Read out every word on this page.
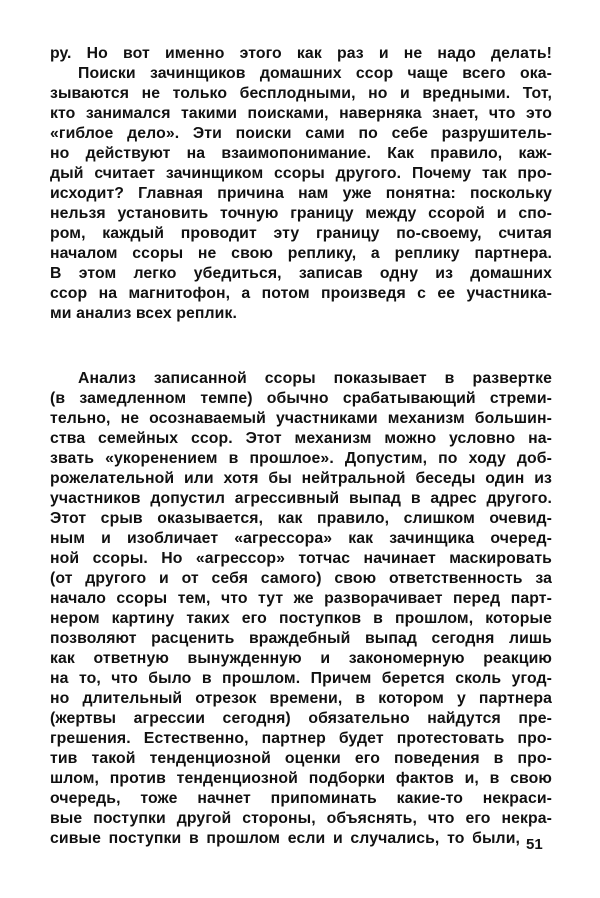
ру. Но вот именно этого как раз и не надо делать!
Поиски зачинщиков домашних ссор чаще всего ока-
зываются не только бесплодными, но и вредными. Тот,
кто занимался такими поисками, наверняка знает, что это
«гиблое дело». Эти поиски сами по себе разрушитель-
но действуют на взаимопонимание. Как правило, каж-
дый считает зачинщиком ссоры другого. Почему так про-
исходит? Главная причина нам уже понятна: поскольку
нельзя установить точную границу между ссорой и спо-
ром, каждый проводит эту границу по-своему, считая
началом ссоры не свою реплику, а реплику партнера.
В этом легко убедиться, записав одну из домашних
ссор на магнитофон, а потом произведя с ее участника-
ми анализ всех реплик.
Анализ записанной ссоры показывает в развертке
(в замедленном темпе) обычно срабатывающий стреми-
тельно, не осознаваемый участниками механизм большин-
ства семейных ссор. Этот механизм можно условно на-
звать «укоренением в прошлое». Допустим, по ходу доб-
рожелательной или хотя бы нейтральной беседы один из
участников допустил агрессивный выпад в адрес другого.
Этот срыв оказывается, как правило, слишком очевид-
ным и изобличает «агрессора» как зачинщика очеред-
ной ссоры. Но «агрессор» тотчас начинает маскировать
(от другого и от себя самого) свою ответственность за
начало ссоры тем, что тут же разворачивает перед парт-
нером картину таких его поступков в прошлом, которые
позволяют расценить враждебный выпад сегодня лишь
как ответную вынужденную и закономерную реакцию
на то, что было в прошлом. Причем берется сколь угод-
но длительный отрезок времени, в котором у партнера
(жертвы агрессии сегодня) обязательно найдутся пре-
грешения. Естественно, партнер будет протестовать про-
тив такой тенденциозной оценки его поведения в про-
шлом, против тенденциозной подборки фактов и, в свою
очередь, тоже начнет припоминать какие-то некраси-
вые поступки другой стороны, объяснять, что его некра-
сивые поступки в прошлом если и случались, то были, 51
